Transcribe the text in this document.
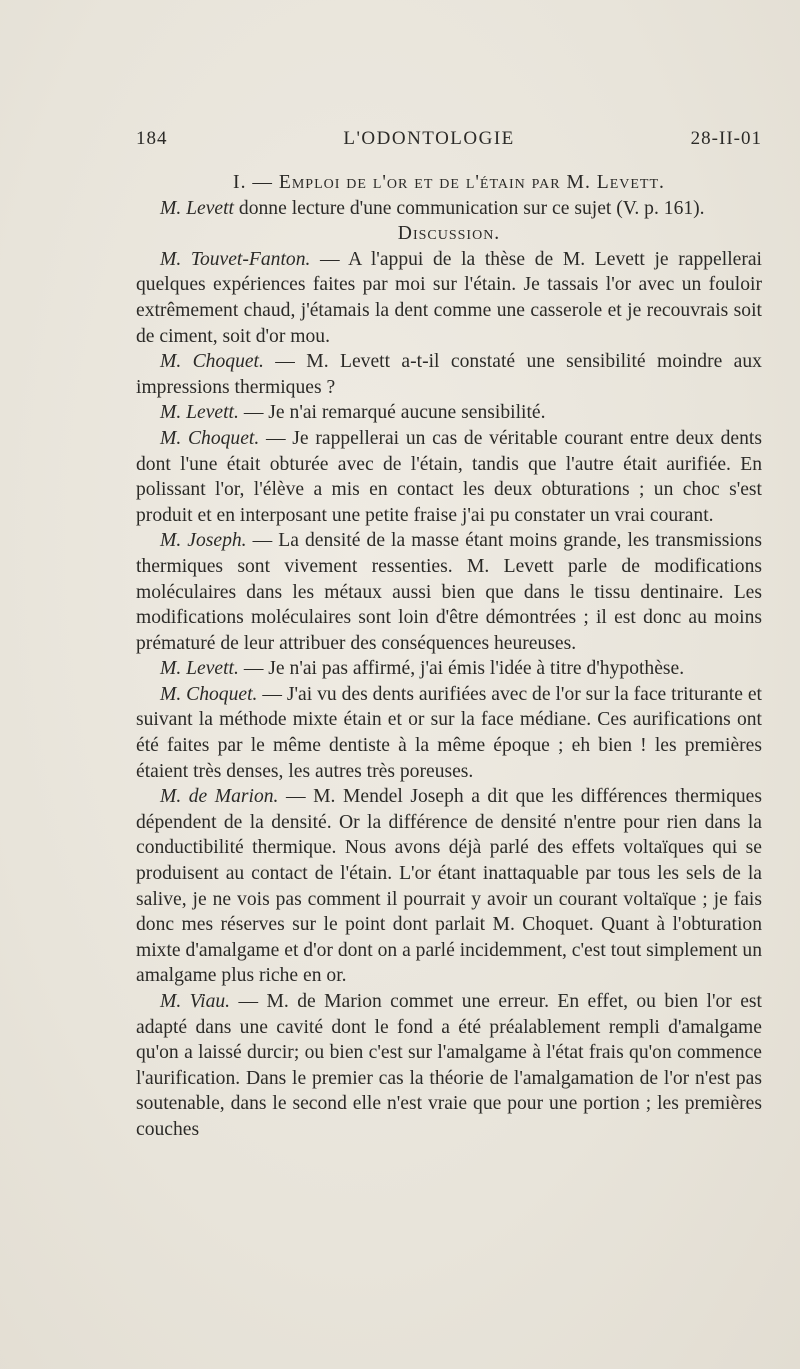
184	L'ODONTOLOGIE	28-II-01

I. — Emploi de l'or et de l'étain par M. Levett.

M. Levett donne lecture d'une communication sur ce sujet (V. p. 161).

Discussion.

M. Touvet-Fanton. — A l'appui de la thèse de M. Levett je rappellerai quelques expériences faites par moi sur l'étain. Je tassais l'or avec un fouloir extrêmement chaud, j'étamais la dent comme une casserole et je recouvrais soit de ciment, soit d'or mou.

M. Choquet. — M. Levett a-t-il constaté une sensibilité moindre aux impressions thermiques ?

M. Levett. — Je n'ai remarqué aucune sensibilité.

M. Choquet. — Je rappellerai un cas de véritable courant entre deux dents dont l'une était obturée avec de l'étain, tandis que l'autre était aurifiée. En polissant l'or, l'élève a mis en contact les deux obturations ; un choc s'est produit et en interposant une petite fraise j'ai pu constater un vrai courant.

M. Joseph. — La densité de la masse étant moins grande, les transmissions thermiques sont vivement ressenties. M. Levett parle de modifications moléculaires dans les métaux aussi bien que dans le tissu dentinaire. Les modifications moléculaires sont loin d'être démontrées ; il est donc au moins prématuré de leur attribuer des conséquences heureuses.

M. Levett. — Je n'ai pas affirmé, j'ai émis l'idée à titre d'hypothèse.

M. Choquet. — J'ai vu des dents aurifiées avec de l'or sur la face triturante et suivant la méthode mixte étain et or sur la face médiane. Ces aurifications ont été faites par le même dentiste à la même époque ; eh bien ! les premières étaient très denses, les autres très poreuses.

M. de Marion. — M. Mendel Joseph a dit que les différences thermiques dépendent de la densité. Or la différence de densité n'entre pour rien dans la conductibilité thermique. Nous avons déjà parlé des effets voltaïques qui se produisent au contact de l'étain. L'or étant inattaquable par tous les sels de la salive, je ne vois pas comment il pourrait y avoir un courant voltaïque ; je fais donc mes réserves sur le point dont parlait M. Choquet. Quant à l'obturation mixte d'amalgame et d'or dont on a parlé incidemment, c'est tout simplement un amalgame plus riche en or.

M. Viau. — M. de Marion commet une erreur. En effet, ou bien l'or est adapté dans une cavité dont le fond a été préalablement rempli d'amalgame qu'on a laissé durcir; ou bien c'est sur l'amalgame à l'état frais qu'on commence l'aurification. Dans le premier cas la théorie de l'amalgamation de l'or n'est pas soutenable, dans le second elle n'est vraie que pour une portion ; les premières couches
